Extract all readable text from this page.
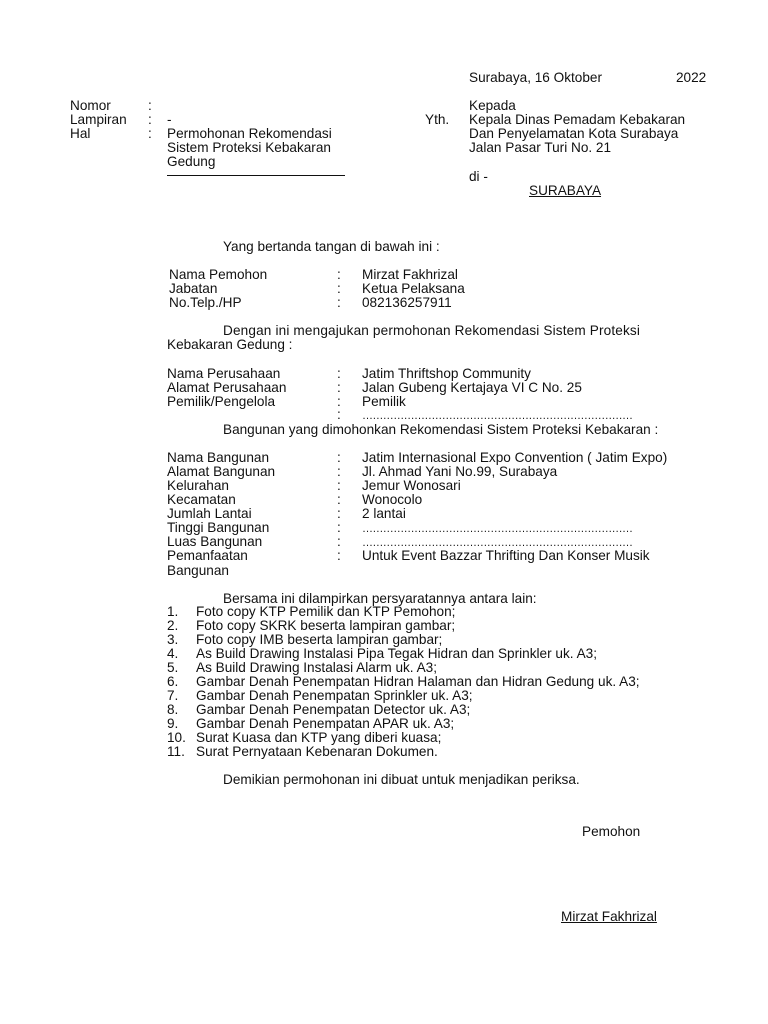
Surabaya, 16 Oktober	2022
Nomor	:
Lampiran : -
Hal	: Permohonan Rekomendasi
Sistem Proteksi Kebakaran
Gedung
Kepada
Yth. Kepala Dinas Pemadam Kebakaran
Dan Penyelamatan Kota Surabaya
Jalan Pasar Turi No. 21
di -
SURABAYA
Yang bertanda tangan di bawah ini :
Nama Pemohon	: Mirzat Fakhrizal
Jabatan	: Ketua Pelaksana
No.Telp./HP	: 082136257911
Dengan ini mengajukan permohonan Rekomendasi Sistem Proteksi
Kebakaran Gedung :
Nama Perusahaan	: Jatim Thriftshop Community
Alamat Perusahaan	: Jalan Gubeng Kertajaya VI C No. 25
Pemilik/Pengelola	: Pemilik
: ……………………………………………………………………
Bangunan yang dimohonkan Rekomendasi Sistem Proteksi Kebakaran :
Nama Bangunan	: Jatim Internasional Expo Convention ( Jatim Expo)
Alamat Bangunan	: Jl. Ahmad Yani No.99, Surabaya
Kelurahan	: Jemur Wonosari
Kecamatan	: Wonocolo
Jumlah Lantai	: 2 lantai
Tinggi Bangunan	: ……………………………………………………………………
Luas Bangunan	: ……………………………………………………………………
Pemanfaatan	: Untuk Event Bazzar Thrifting Dan Konser Musik
Bangunan
Bersama ini dilampirkan persyaratannya antara lain:
1. Foto copy KTP Pemilik dan KTP Pemohon;
2. Foto copy SKRK beserta lampiran gambar;
3. Foto copy IMB beserta lampiran gambar;
4. As Build Drawing Instalasi Pipa Tegak Hidran dan Sprinkler uk. A3;
5. As Build Drawing Instalasi Alarm uk. A3;
6. Gambar Denah Penempatan Hidran Halaman dan Hidran Gedung uk. A3;
7. Gambar Denah Penempatan Sprinkler uk. A3;
8. Gambar Denah Penempatan Detector uk. A3;
9. Gambar Denah Penempatan APAR uk. A3;
10. Surat Kuasa dan KTP yang diberi kuasa;
11. Surat Pernyataan Kebenaran Dokumen.
Demikian permohonan ini dibuat untuk menjadikan periksa.
Pemohon
Mirzat Fakhrizal
